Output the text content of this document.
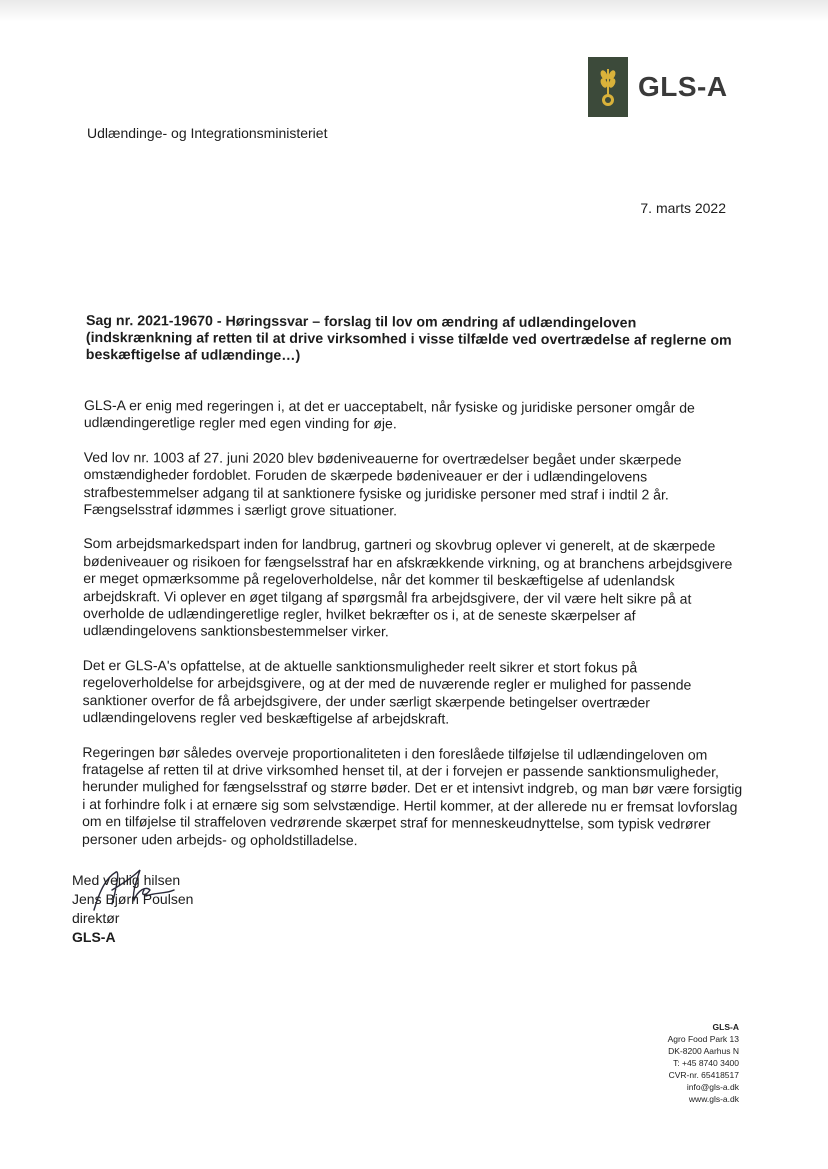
GLS-A
Udlændinge- og Integrationsministeriet
7. marts 2022
Sag nr. 2021-19670 - Høringssvar – forslag til lov om ændring af udlændingeloven (indskrænkning af retten til at drive virksomhed i visse tilfælde ved overtrædelse af reglerne om beskæftigelse af udlændinge…)

GLS-A er enig med regeringen i, at det er uacceptabelt, når fysiske og juridiske personer omgår de udlændingeretlige regler med egen vinding for øje.

Ved lov nr. 1003 af 27. juni 2020 blev bødeniveauerne for overtrædelser begået under skærpede omstændigheder fordoblet. Foruden de skærpede bødeniveauer er der i udlændingelovens strafbestemmelser adgang til at sanktionere fysiske og juridiske personer med straf i indtil 2 år. Fængselsstraf idømmes i særligt grove situationer.

Som arbejdsmarkedspart inden for landbrug, gartneri og skovbrug oplever vi generelt, at de skærpede bødeniveauer og risikoen for fængselsstraf har en afskrækkende virkning, og at branchens arbejdsgivere er meget opmærksomme på regeloverholdelse, når det kommer til beskæftigelse af udenlandsk arbejdskraft. Vi oplever en øget tilgang af spørgsmål fra arbejdsgivere, der vil være helt sikre på at overholde de udlændingeretlige regler, hvilket bekræfter os i, at de seneste skærpelser af udlændingelovens sanktionsbestemmelser virker.

Det er GLS-A's opfattelse, at de aktuelle sanktionsmuligheder reelt sikrer et stort fokus på regeloverholdelse for arbejdsgivere, og at der med de nuværende regler er mulighed for passende sanktioner overfor de få arbejdsgivere, der under særligt skærpende betingelser overtræder udlændingelovens regler ved beskæftigelse af arbejdskraft.

Regeringen bør således overveje proportionaliteten i den foreslåede tilføjelse til udlændingeloven om fratagelse af retten til at drive virksomhed henset til, at der i forvejen er passende sanktionsmuligheder, herunder mulighed for fængselsstraf og større bøder. Det er et intensivt indgreb, og man bør være forsigtig i at forhindre folk i at ernære sig som selvstændige. Hertil kommer, at der allerede nu er fremsat lovforslag om en tilføjelse til straffeloven vedrørende skærpet straf for menneskeudnyttelse, som typisk vedrører personer uden arbejds- og opholdstilladelse.

Med venlig hilsen
Jens Bjørn Poulsen
direktør
GLS-A
GLS-A
Agro Food Park 13
DK-8200 Aarhus N
T: +45 8740 3400
CVR-nr. 65418517
info@gls-a.dk
www.gls-a.dk
